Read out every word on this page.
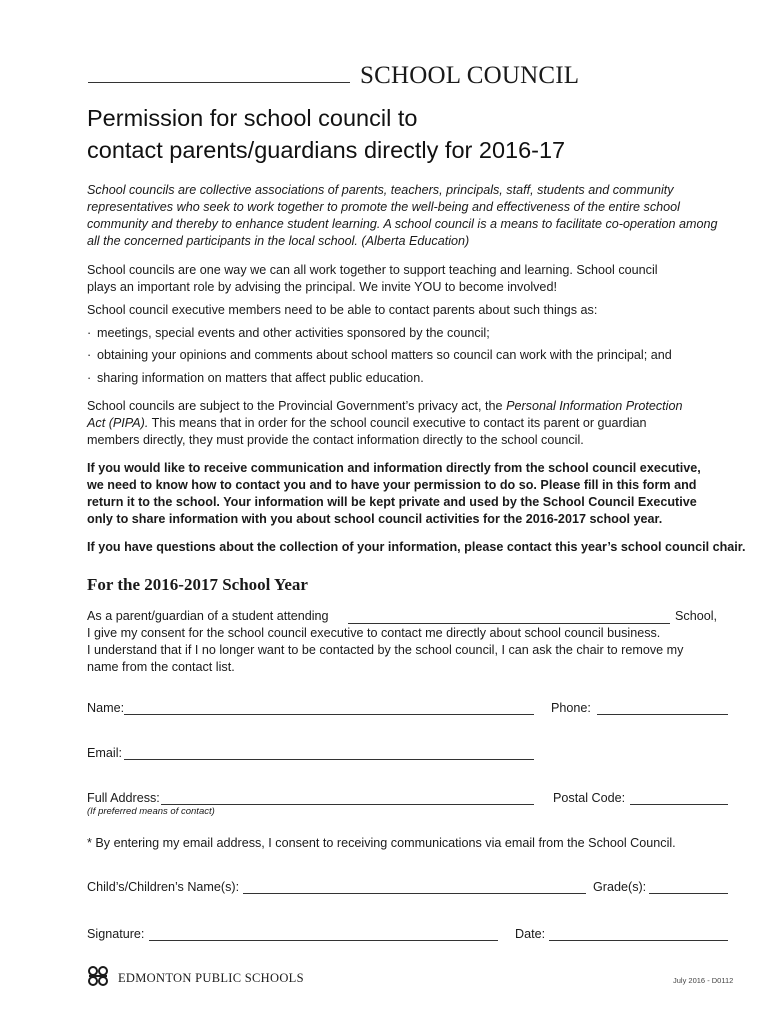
SCHOOL COUNCIL
Permission for school council to
contact parents/guardians directly for 2016-17

School councils are collective associations of parents, teachers, principals, staff, students and community representatives who seek to work together to promote the well-being and effectiveness of the entire school community and thereby to enhance student learning. A school council is a means to facilitate co-operation among all the concerned participants in the local school. (Alberta Education)

School councils are one way we can all work together to support teaching and learning. School council
plays an important role by advising the principal. We invite YOU to become involved!
School council executive members need to be able to contact parents about such things as:
· meetings, special events and other activities sponsored by the council;
· obtaining your opinions and comments about school matters so council can work with the principal; and
· sharing information on matters that affect public education.
School councils are subject to the Provincial Government’s privacy act, the Personal Information Protection
Act (PIPA). This means that in order for the school council executive to contact its parent or guardian
members directly, they must provide the contact information directly to the school council.
If you would like to receive communication and information directly from the school council executive,
we need to know how to contact you and to have your permission to do so. Please fill in this form and
return it to the school. Your information will be kept private and used by the School Council Executive
only to share information with you about school council activities for the 2016-2017 school year.
If you have questions about the collection of your information, please contact this year’s school council chair.
For the 2016-2017 School Year
As a parent/guardian of a student attending	School,
I give my consent for the school council executive to contact me directly about school council business.
I understand that if I no longer want to be contacted by the school council, I can ask the chair to remove my
name from the contact list.
Name:	Phone:
Email:
Full Address:
(If preferred means of contact)
Postal Code:
* By entering my email address, I consent to receiving communications via email from the School Council.
Child’s/Children’s Name(s):	Grade(s):
Signature:	Date:
EDMONTON PUBLIC SCHOOLS	July 2016 - D0112
